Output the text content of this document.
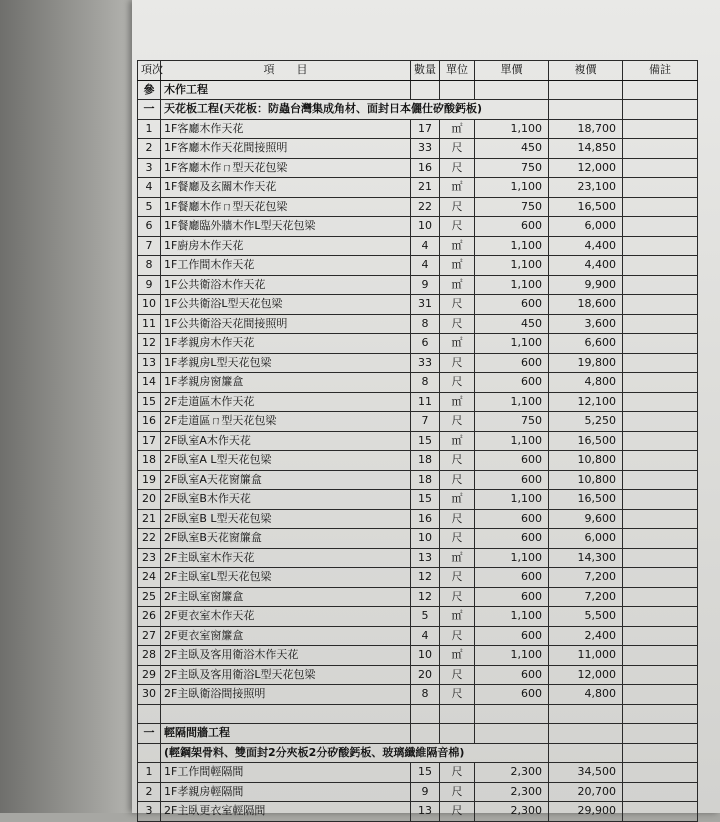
項次	項　　目	數量	單位	單價	複價	備註
參	木作工程					
一	天花板工程(天花板：防蟲台灣集成角材、面封日本儷仕矽酸鈣板)					
1	1F客廳木作天花	17	㎡	1,100	18,700	
2	1F客廳木作天花間接照明	33	尺	450	14,850	
3	1F客廳木作ㄇ型天花包梁	16	尺	750	12,000	
4	1F餐廳及玄關木作天花	21	㎡	1,100	23,100	
5	1F餐廳木作ㄇ型天花包梁	22	尺	750	16,500	
6	1F餐廳臨外牆木作L型天花包梁	10	尺	600	6,000	
7	1F廚房木作天花	4	㎡	1,100	4,400	
8	1F工作間木作天花	4	㎡	1,100	4,400	
9	1F公共衛浴木作天花	9	㎡	1,100	9,900	
10	1F公共衛浴L型天花包梁	31	尺	600	18,600	
11	1F公共衛浴天花間接照明	8	尺	450	3,600	
12	1F孝親房木作天花	6	㎡	1,100	6,600	
13	1F孝親房L型天花包梁	33	尺	600	19,800	
14	1F孝親房窗簾盒	8	尺	600	4,800	
15	2F走道區木作天花	11	㎡	1,100	12,100	
16	2F走道區ㄇ型天花包梁	7	尺	750	5,250	
17	2F臥室A木作天花	15	㎡	1,100	16,500	
18	2F臥室A L型天花包梁	18	尺	600	10,800	
19	2F臥室A天花窗簾盒	18	尺	600	10,800	
20	2F臥室B木作天花	15	㎡	1,100	16,500	
21	2F臥室B L型天花包梁	16	尺	600	9,600	
22	2F臥室B天花窗簾盒	10	尺	600	6,000	
23	2F主臥室木作天花	13	㎡	1,100	14,300	
24	2F主臥室L型天花包梁	12	尺	600	7,200	
25	2F主臥室窗簾盒	12	尺	600	7,200	
26	2F更衣室木作天花	5	㎡	1,100	5,500	
27	2F更衣室窗簾盒	4	尺	600	2,400	
28	2F主臥及客用衛浴木作天花	10	㎡	1,100	11,000	
29	2F主臥及客用衛浴L型天花包梁	20	尺	600	12,000	
30	2F主臥衛浴間接照明	8	尺	600	4,800	

一	輕隔間牆工程					
	(輕鋼架骨料、雙面封2分夾板2分矽酸鈣板、玻璃纖維隔音棉)					
1	1F工作間輕隔間	15	尺	2,300	34,500	
2	1F孝親房輕隔間	9	尺	2,300	20,700	
3	2F主臥更衣室輕隔間	13	尺	2,300	29,900	
